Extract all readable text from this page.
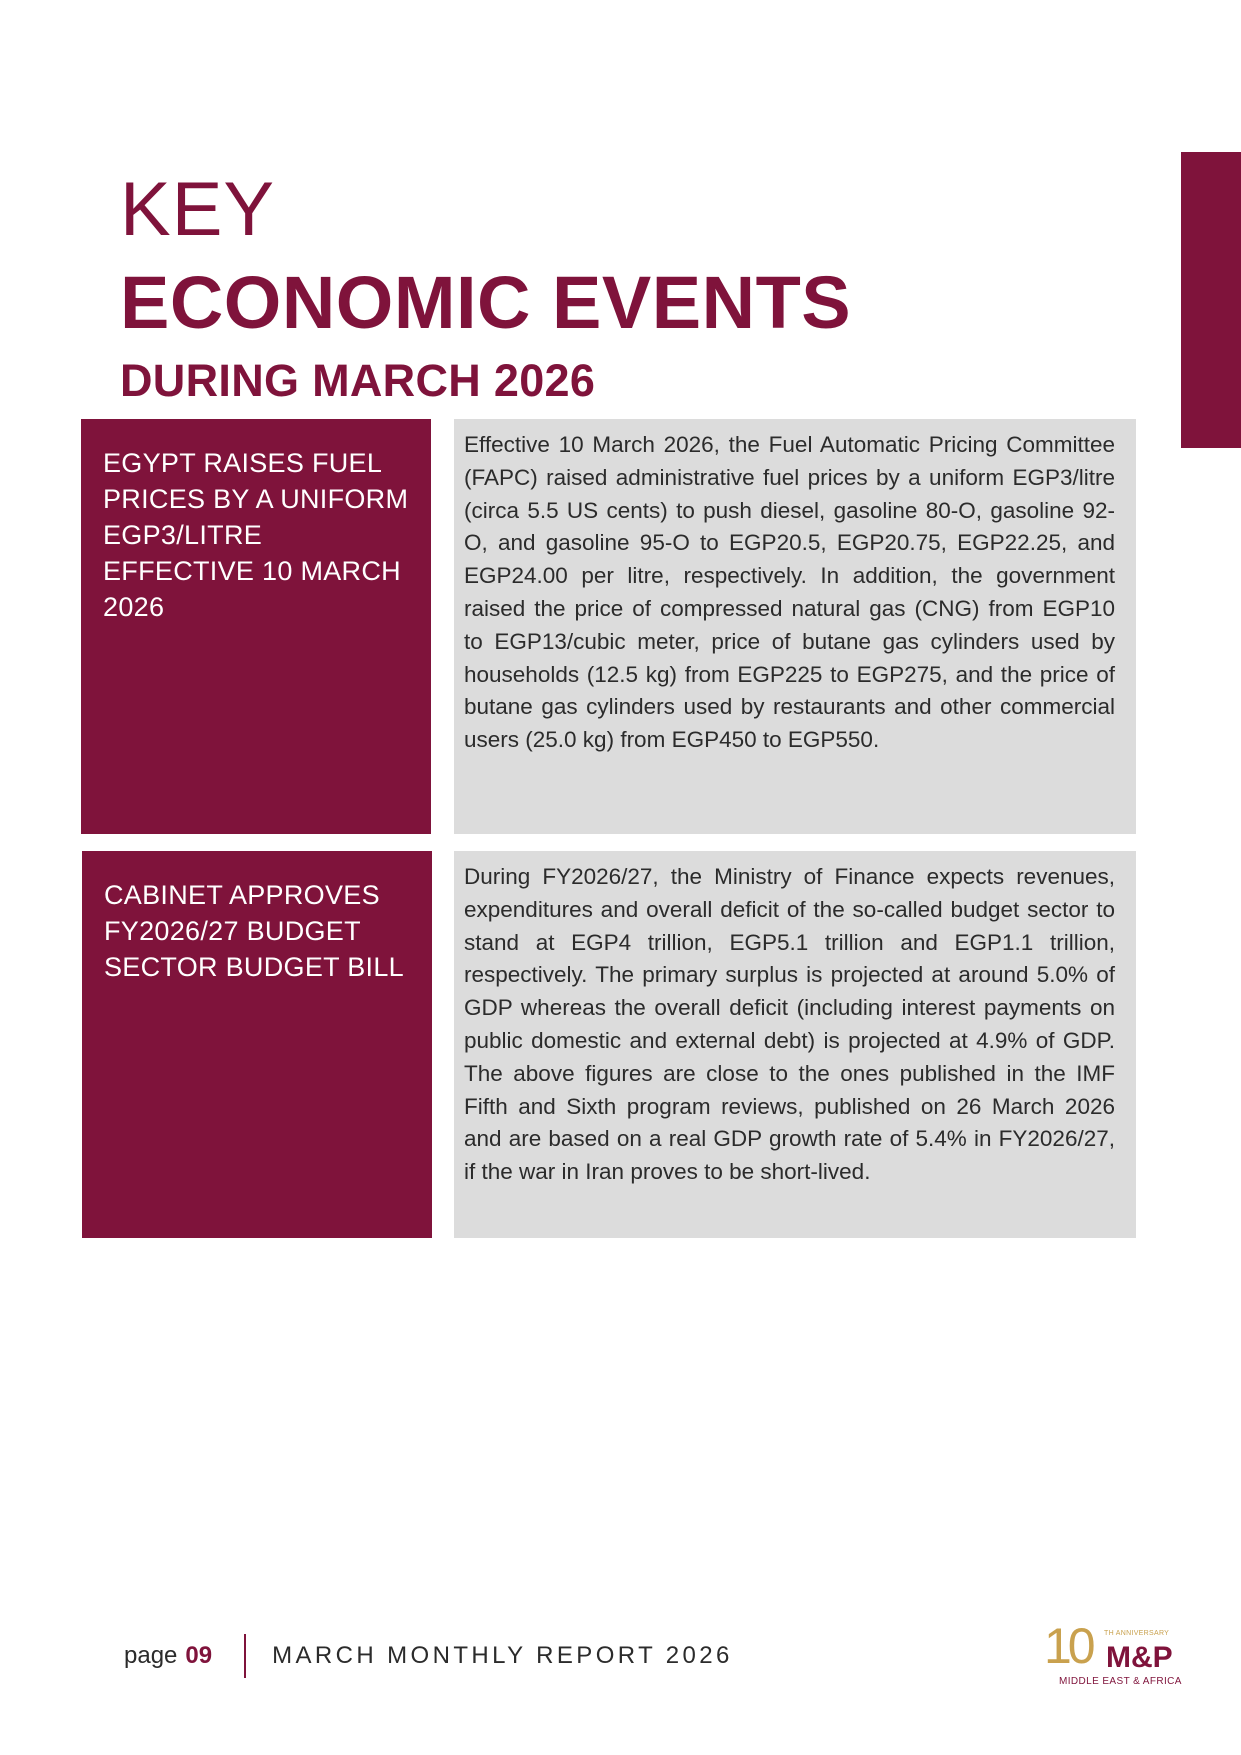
KEY
ECONOMIC EVENTS
DURING MARCH 2026
EGYPT RAISES FUEL PRICES BY A UNIFORM EGP3/LITRE EFFECTIVE 10 MARCH 2026
Effective 10 March 2026, the Fuel Automatic Pricing Committee (FAPC) raised administrative fuel prices by a uniform EGP3/litre (circa 5.5 US cents) to push diesel, gasoline 80-O, gasoline 92-O, and gasoline 95-O to EGP20.5, EGP20.75, EGP22.25, and EGP24.00 per litre, respectively. In addition, the government raised the price of compressed natural gas (CNG) from EGP10 to EGP13/cubic meter, price of butane gas cylinders used by households (12.5 kg) from EGP225 to EGP275, and the price of butane gas cylinders used by restaurants and other commercial users (25.0 kg) from EGP450 to EGP550.
CABINET APPROVES FY2026/27 BUDGET SECTOR BUDGET BILL
During FY2026/27, the Ministry of Finance expects revenues, expenditures and overall deficit of the so-called budget sector to stand at EGP4 trillion, EGP5.1 trillion and EGP1.1 trillion, respectively. The primary surplus is projected at around 5.0% of GDP whereas the overall deficit (including interest payments on public domestic and external debt) is projected at 4.9% of GDP. The above figures are close to the ones published in the IMF Fifth and Sixth program reviews, published on 26 March 2026 and are based on a real GDP growth rate of 5.4% in FY2026/27, if the war in Iran proves to be short-lived.
page 09	MARCH MONTHLY REPORT 2026	10 TH ANNIVERSARY
M&P
MIDDLE EAST & AFRICA
